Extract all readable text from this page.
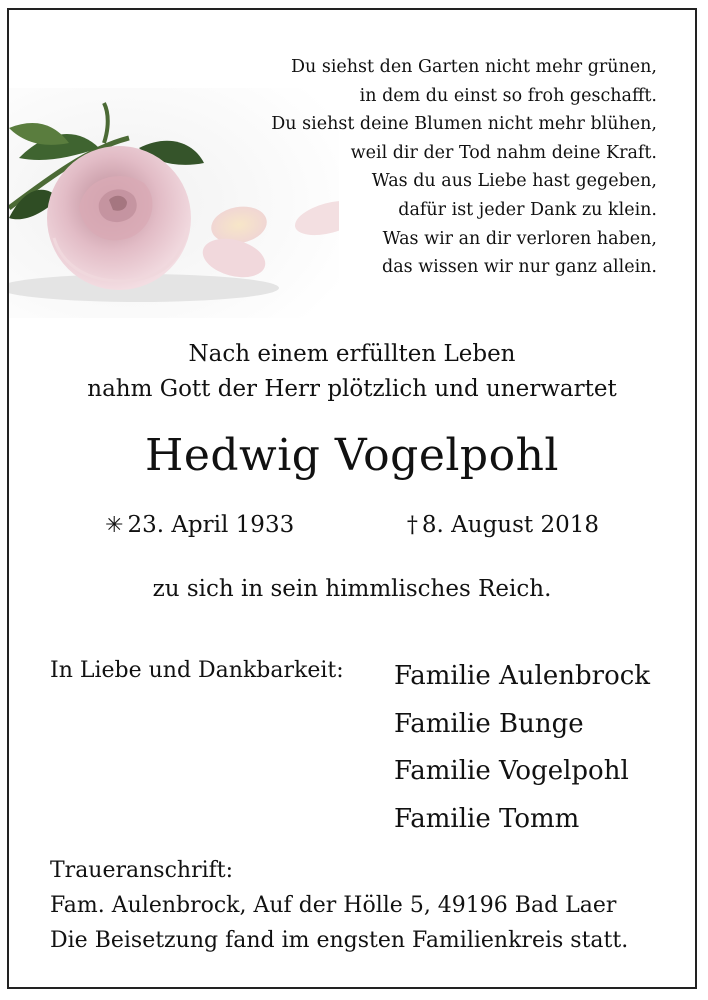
Du siehst den Garten nicht mehr grünen,
in dem du einst so froh geschafft.
Du siehst deine Blumen nicht mehr blühen,
weil dir der Tod nahm deine Kraft.
Was du aus Liebe hast gegeben,
dafür ist jeder Dank zu klein.
Was wir an dir verloren haben,
das wissen wir nur ganz allein.
Nach einem erfüllten Leben
nahm Gott der Herr plötzlich und unerwartet
Hedwig Vogelpohl
✳ 23. April 1933	† 8. August 2018
zu sich in sein himmlisches Reich.
In Liebe und Dankbarkeit: Familie Aulenbrock
Familie Bunge
Familie Vogelpohl
Familie Tomm
Traueranschrift:
Fam. Aulenbrock, Auf der Hölle 5, 49196 Bad Laer
Die Beisetzung fand im engsten Familienkreis statt.
